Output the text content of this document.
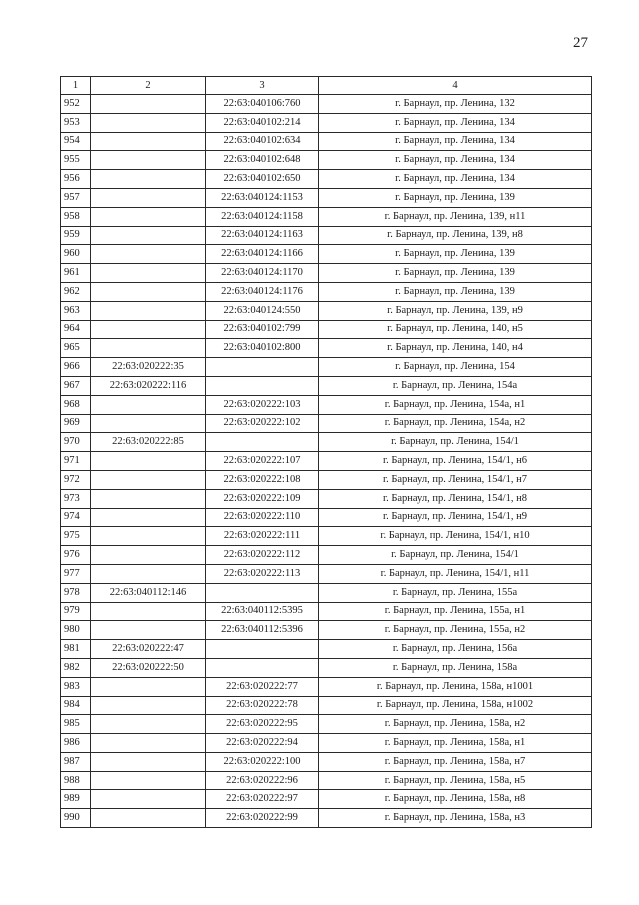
27
1	2	3	4
952		22:63:040106:760	г. Барнаул, пр. Ленина, 132
953		22:63:040102:214	г. Барнаул, пр. Ленина, 134
954		22:63:040102:634	г. Барнаул, пр. Ленина, 134
955		22:63:040102:648	г. Барнаул, пр. Ленина, 134
956		22:63:040102:650	г. Барнаул, пр. Ленина, 134
957		22:63:040124:1153	г. Барнаул, пр. Ленина, 139
958		22:63:040124:1158	г. Барнаул, пр. Ленина, 139, н11
959		22:63:040124:1163	г. Барнаул, пр. Ленина, 139, н8
960		22:63:040124:1166	г. Барнаул, пр. Ленина, 139
961		22:63:040124:1170	г. Барнаул, пр. Ленина, 139
962		22:63:040124:1176	г. Барнаул, пр. Ленина, 139
963		22:63:040124:550	г. Барнаул, пр. Ленина, 139, н9
964		22:63:040102:799	г. Барнаул, пр. Ленина, 140, н5
965		22:63:040102:800	г. Барнаул, пр. Ленина, 140, н4
966	22:63:020222:35		г. Барнаул, пр. Ленина, 154
967	22:63:020222:116		г. Барнаул, пр. Ленина, 154а
968		22:63:020222:103	г. Барнаул, пр. Ленина, 154а, н1
969		22:63:020222:102	г. Барнаул, пр. Ленина, 154а, н2
970	22:63:020222:85		г. Барнаул, пр. Ленина, 154/1
971		22:63:020222:107	г. Барнаул, пр. Ленина, 154/1, н6
972		22:63:020222:108	г. Барнаул, пр. Ленина, 154/1, н7
973		22:63:020222:109	г. Барнаул, пр. Ленина, 154/1, н8
974		22:63:020222:110	г. Барнаул, пр. Ленина, 154/1, н9
975		22:63:020222:111	г. Барнаул, пр. Ленина, 154/1, н10
976		22:63:020222:112	г. Барнаул, пр. Ленина, 154/1
977		22:63:020222:113	г. Барнаул, пр. Ленина, 154/1, н11
978	22:63:040112:146		г. Барнаул, пр. Ленина, 155а
979		22:63:040112:5395	г. Барнаул, пр. Ленина, 155а, н1
980		22:63:040112:5396	г. Барнаул, пр. Ленина, 155а, н2
981	22:63:020222:47		г. Барнаул, пр. Ленина, 156а
982	22:63:020222:50		г. Барнаул, пр. Ленина, 158а
983		22:63:020222:77	г. Барнаул, пр. Ленина, 158а, н1001
984		22:63:020222:78	г. Барнаул, пр. Ленина, 158а, н1002
985		22:63:020222:95	г. Барнаул, пр. Ленина, 158а, н2
986		22:63:020222:94	г. Барнаул, пр. Ленина, 158а, н1
987		22:63:020222:100	г. Барнаул, пр. Ленина, 158а, н7
988		22:63:020222:96	г. Барнаул, пр. Ленина, 158а, н5
989		22:63:020222:97	г. Барнаул, пр. Ленина, 158а, н8
990		22:63:020222:99	г. Барнаул, пр. Ленина, 158а, н3
